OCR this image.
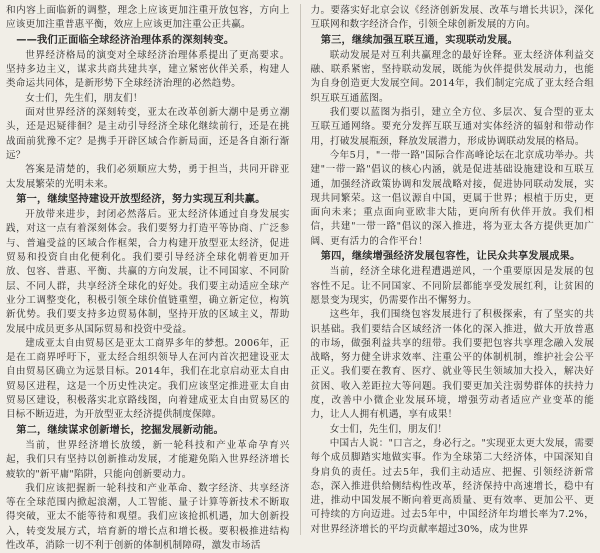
和内容上面临新的调整，理念上应该更加注重开放包容，方向上应该更加注重普惠平衡，效应上应该更加注重公正共赢。

——我们正面临全球经济治理体系的深刻转变。

世界经济格局的演变对全球经济治理体系提出了更高要求。坚持多边主义，谋求共商共建共享，建立紧密伙伴关系，构建人类命运共同体，是新形势下全球经济治理的必然趋势。

女士们，先生们，朋友们！

面对世界经济的深刻转变，亚太在改革创新大潮中是勇立潮头，还是迟疑徘徊？是主动引导经济全球化继续前行，还是在挑战面前犹豫不定？是携手开辟区域合作新局面，还是各自渐行渐远？

答案是清楚的，我们必须顺应大势，勇于担当，共同开辟亚太发展繁荣的光明未来。

第一，继续坚持建设开放型经济，努力实现互利共赢。

开放带来进步，封闭必然落后。亚太经济体通过自身发展实践，对这一点有着深刻体会。我们要努力打造平等协商、广泛参与、普遍受益的区域合作框架，合力构建开放型亚太经济，促进贸易和投资自由化便利化。我们要引导经济全球化朝着更加开放、包容、普惠、平衡、共赢的方向发展，让不同国家、不同阶层、不同人群，共享经济全球化的好处。我们要主动适应全球产业分工调整变化，积极引领全球价值链重塑，确立新定位，构筑新优势。我们要支持多边贸易体制，坚持开放的区域主义，帮助发展中成员更多从国际贸易和投资中受益。

建成亚太自由贸易区是亚太工商界多年的梦想。2006年，正是在工商界呼吁下，亚太经合组织领导人在河内首次把建设亚太自由贸易区确立为远景目标。2014年，我们在北京启动亚太自由贸易区进程，这是一个历史性决定。我们应该坚定推进亚太自由贸易区建设，积极落实北京路线图，向着建成亚太自由贸易区的目标不断迈进，为开放型亚太经济提供制度保障。

第二，继续谋求创新增长，挖掘发展新动能。

当前，世界经济增长放缓，新一轮科技和产业革命孕育兴起，我们只有坚持以创新推动发展，才能避免陷入世界经济增长疲软的"新平庸"陷阱，只能向创新要动力。

我们应该把握新一轮科技和产业革命、数字经济、共享经济等在全球范围内掀起浪潮，人工智能、量子计算等新技术不断取得突破，亚太不能等待和观望。我们应该抢抓机遇，加大创新投入，转变发展方式，培育新的增长点和增长极。要积极推进结构性改革，消除一切不利于创新的体制机制障碍，激发市场活

力。要落实好北京会议《经济创新发展、改革与增长共识》，深化互联网和数字经济合作，引领全球创新发展的方向。

第三，继续加强互联互通，实现联动发展。

联动发展是对互利共赢理念的最好诠释。亚太经济体利益交融、联系紧密，坚持联动发展，既能为伙伴提供发展动力，也能为自身创造更大发展空间。2014年，我们制定完成了亚太经合组织互联互通蓝图。

我们要以蓝图为指引，建立全方位、多层次、复合型的亚太互联互通网络。要充分发挥互联互通对实体经济的辐射和带动作用，打破发展瓶颈，释放发展潜力，形成协调联动发展的格局。

今年5月，"一带一路"国际合作高峰论坛在北京成功举办。共建"一带一路"倡议的核心内涵，就是促进基础设施建设和互联互通，加强经济政策协调和发展战略对接，促进协同联动发展，实现共同繁荣。这一倡议源自中国，更属于世界；根植于历史，更面向未来；重点面向亚欧非大陆，更向所有伙伴开放。我们相信，共建"一带一路"倡议的深入推进，将为亚太各方提供更加广阔、更有活力的合作平台！

第四，继续增强经济发展包容性，让民众共享发展成果。

当前，经济全球化进程遭遇逆风，一个重要原因是发展的包容性不足。让不同国家、不同阶层都能享受发展红利，让贫困的愿景变为现实，仍需要作出不懈努力。

这些年，我们围绕包容发展进行了积极探索，有了坚实的共识基础。我们要结合区域经济一体化的深入推进，做大开放普惠的市场，做强利益共享的纽带。我们要把包容共享理念融入发展战略，努力健全讲求效率、注重公平的体制机制，维护社会公平正义。我们要在教育、医疗、就业等民生领域加大投入，解决好贫困、收入差距拉大等问题。我们要更加关注弱势群体的扶持力度，改善中小微企业发展环境，增强劳动者适应产业变革的能力，让人人拥有机遇，享有成果！

女士们，先生们，朋友们！

中国古人说："口言之，身必行之。"实现亚太更大发展，需要每个成员脚踏实地做实事。作为全球第二大经济体，中国深知自身肩负的责任。过去5年，我们主动适应、把握、引领经济新常态，深入推进供给侧结构性改革，经济保持中高速增长，稳中有进，推动中国发展不断向着更高质量、更有效率、更加公平、更可持续的方向迈进。过去5年中，中国经济年均增长率为7.2%，对世界经济增长的平均贡献率超过30%，成为世界
